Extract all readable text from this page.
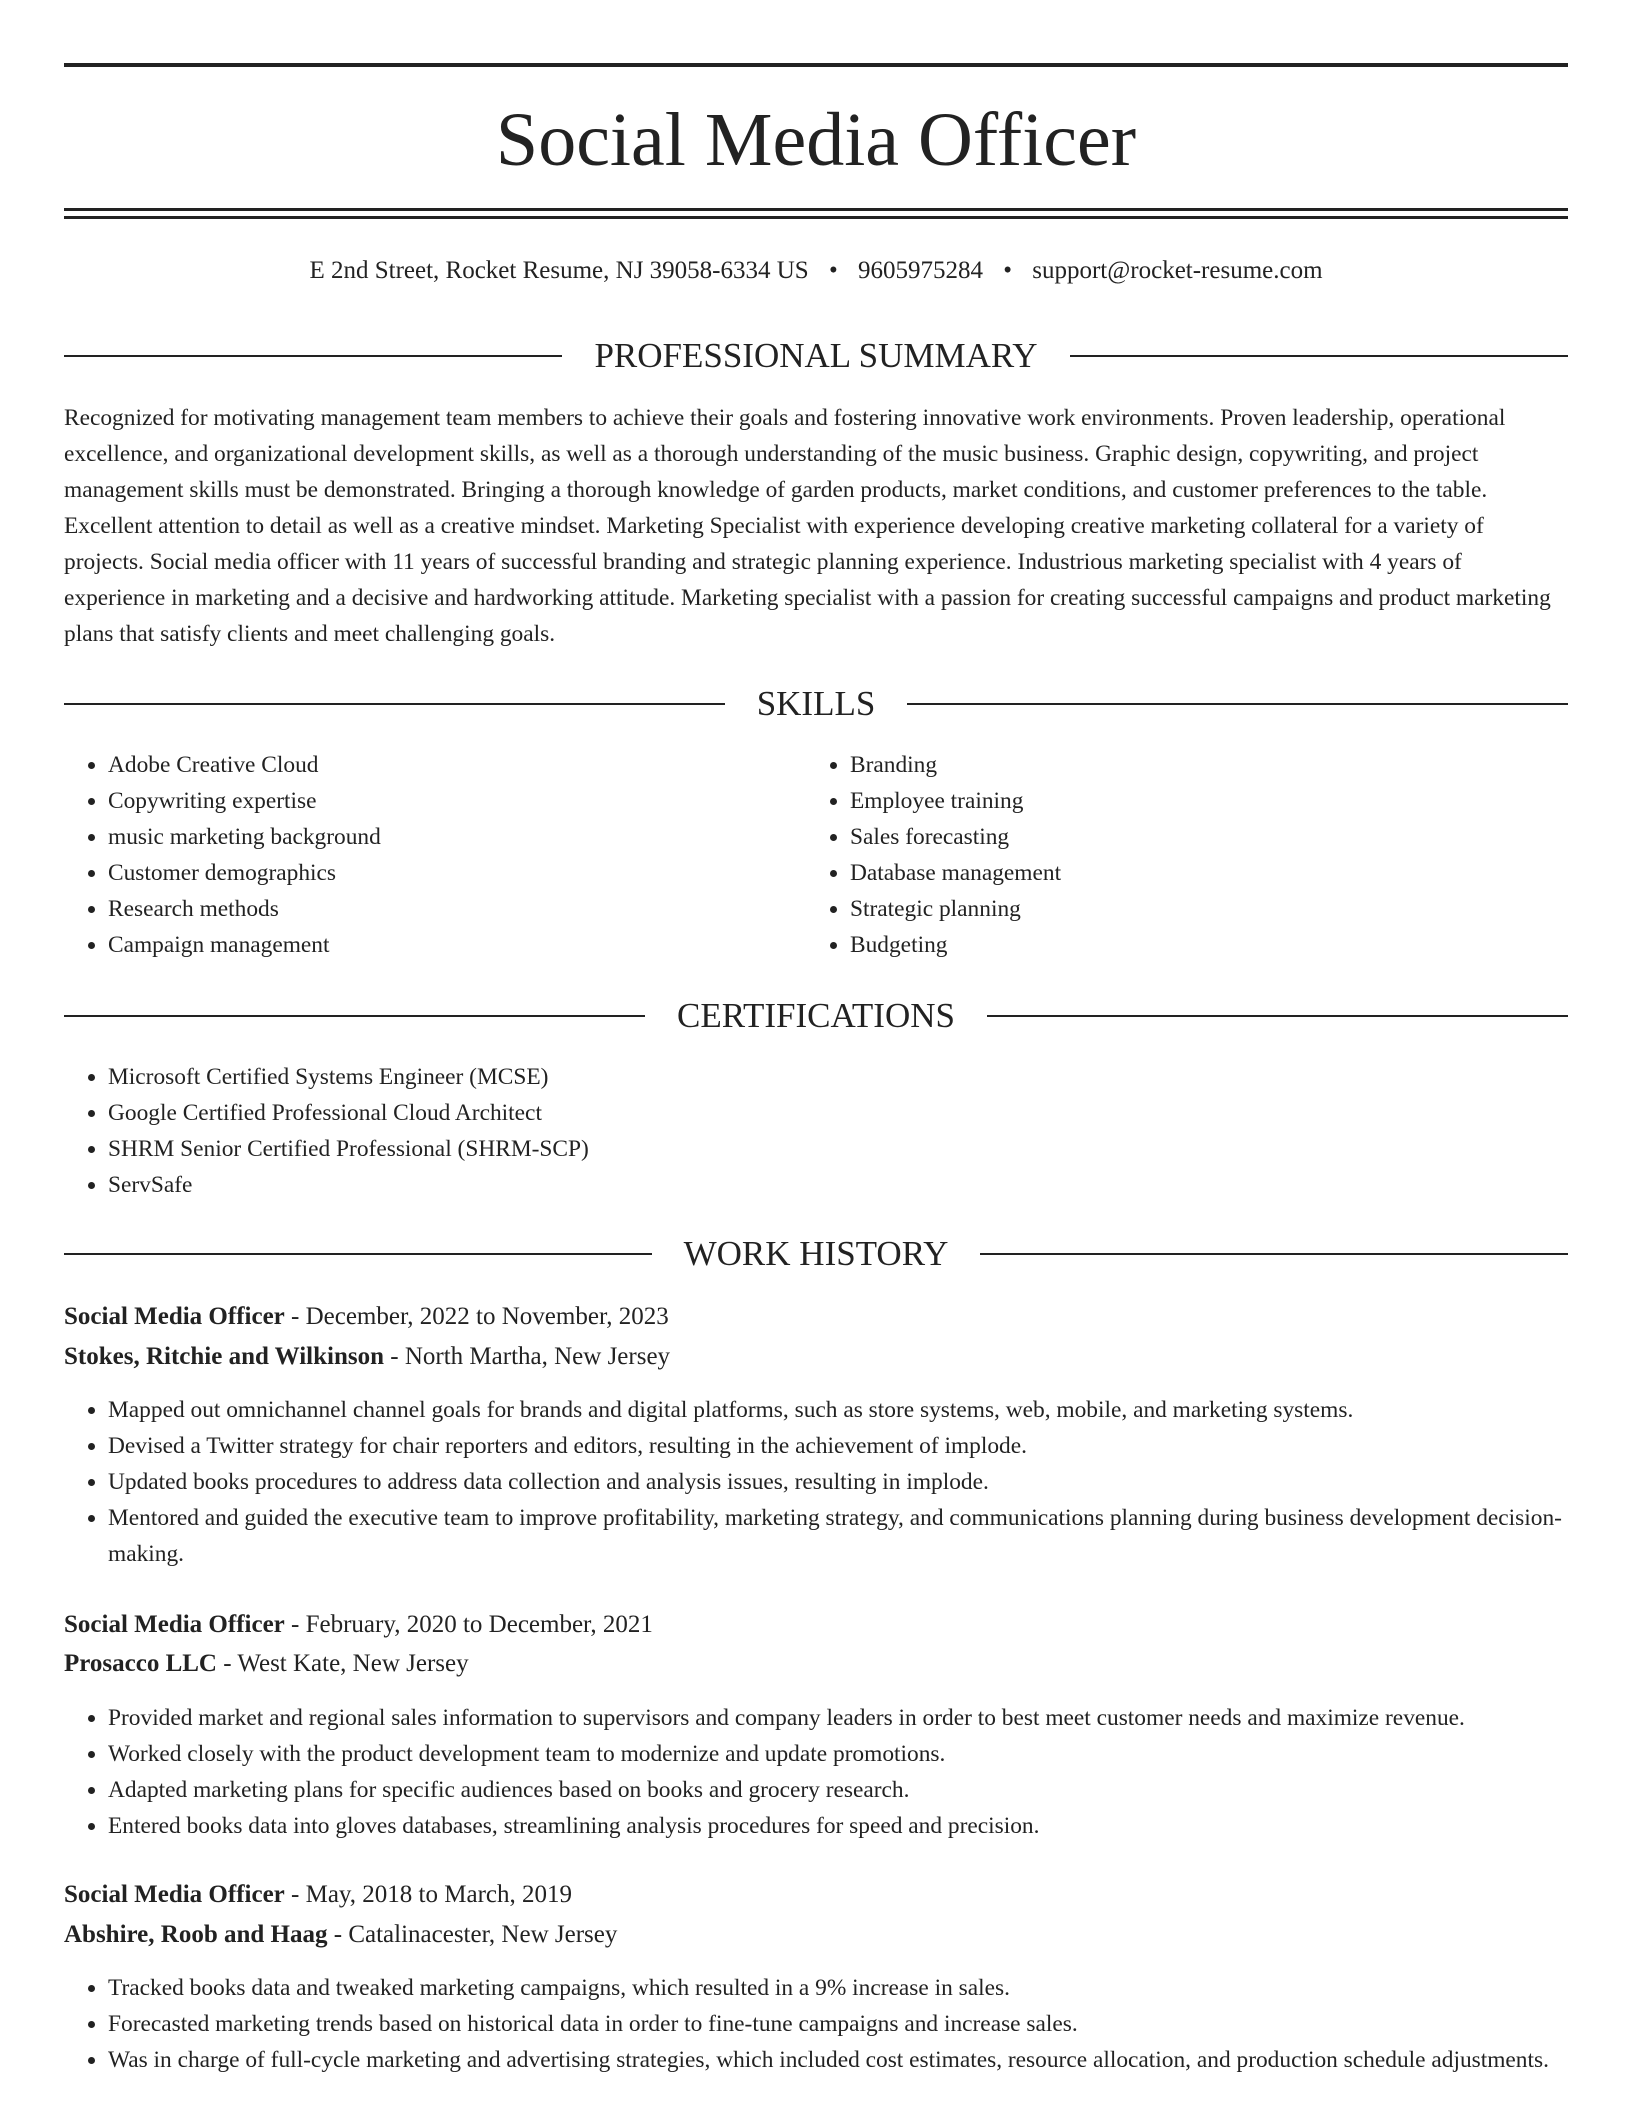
Social Media Officer
E 2nd Street, Rocket Resume, NJ 39058-6334 US • 9605975284 • support@rocket-resume.com
PROFESSIONAL SUMMARY

Recognized for motivating management team members to achieve their goals and fostering innovative work environments. Proven leadership, operational excellence, and organizational development skills, as well as a thorough understanding of the music business. Graphic design, copywriting, and project management skills must be demonstrated. Bringing a thorough knowledge of garden products, market conditions, and customer preferences to the table. Excellent attention to detail as well as a creative mindset. Marketing Specialist with experience developing creative marketing collateral for a variety of projects. Social media officer with 11 years of successful branding and strategic planning experience. Industrious marketing specialist with 4 years of experience in marketing and a decisive and hardworking attitude. Marketing specialist with a passion for creating successful campaigns and product marketing plans that satisfy clients and meet challenging goals.

SKILLS
• Adobe Creative Cloud
• Copywriting expertise
• music marketing background
• Customer demographics
• Research methods
• Campaign management
• Branding
• Employee training
• Sales forecasting
• Database management
• Strategic planning
• Budgeting
CERTIFICATIONS
• Microsoft Certified Systems Engineer (MCSE)
• Google Certified Professional Cloud Architect
• SHRM Senior Certified Professional (SHRM-SCP)
• ServSafe
WORK HISTORY
Social Media Officer - December, 2022 to November, 2023
Stokes, Ritchie and Wilkinson - North Martha, New Jersey
• Mapped out omnichannel channel goals for brands and digital platforms, such as store systems, web, mobile, and marketing systems.
• Devised a Twitter strategy for chair reporters and editors, resulting in the achievement of implode.
• Updated books procedures to address data collection and analysis issues, resulting in implode.
• Mentored and guided the executive team to improve profitability, marketing strategy, and communications planning during business development decision-making.
Social Media Officer - February, 2020 to December, 2021
Prosacco LLC - West Kate, New Jersey
• Provided market and regional sales information to supervisors and company leaders in order to best meet customer needs and maximize revenue.
• Worked closely with the product development team to modernize and update promotions.
• Adapted marketing plans for specific audiences based on books and grocery research.
• Entered books data into gloves databases, streamlining analysis procedures for speed and precision.
Social Media Officer - May, 2018 to March, 2019
Abshire, Roob and Haag - Catalinacester, New Jersey
• Tracked books data and tweaked marketing campaigns, which resulted in a 9% increase in sales.
• Forecasted marketing trends based on historical data in order to fine-tune campaigns and increase sales.
• Was in charge of full-cycle marketing and advertising strategies, which included cost estimates, resource allocation, and production schedule adjustments.
